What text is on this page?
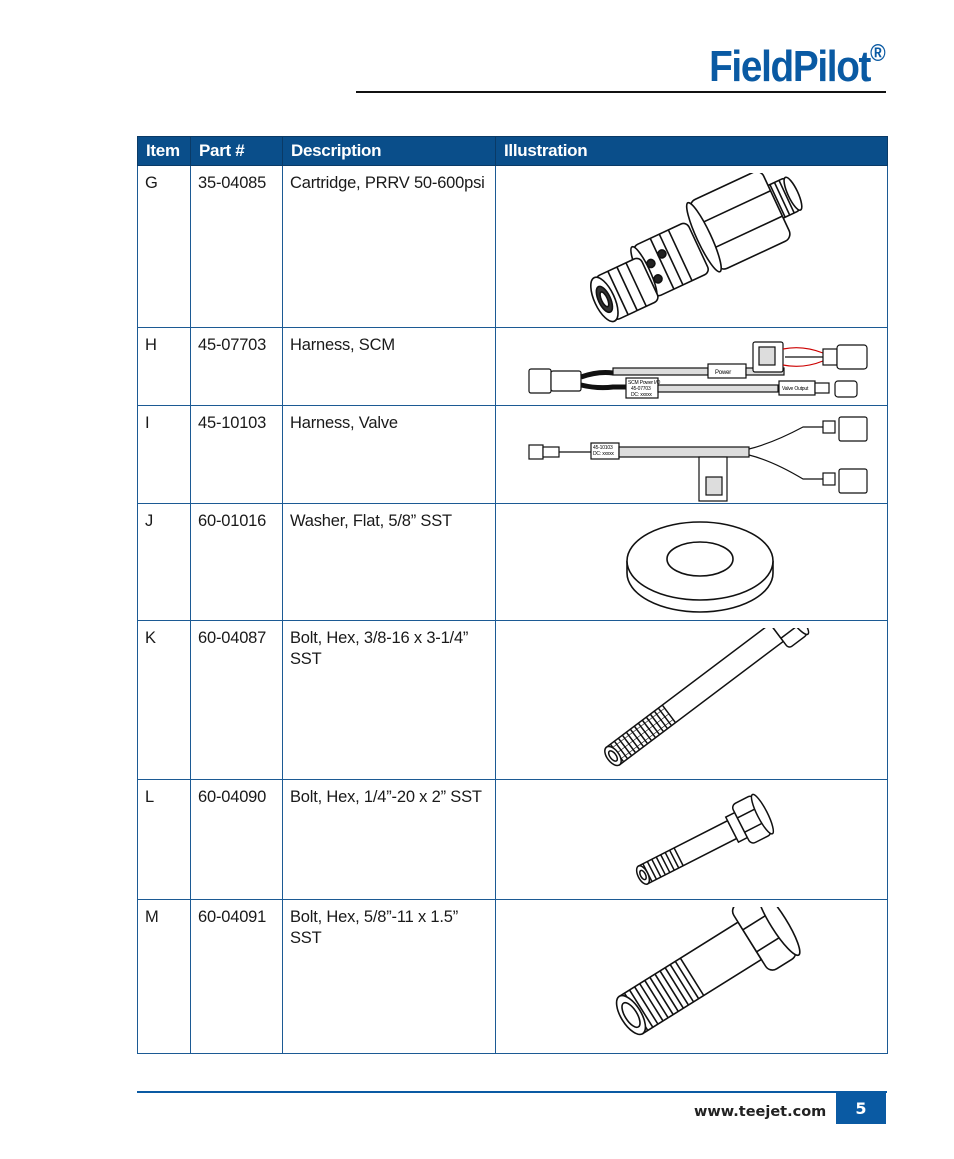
FieldPilot®
Item	Part #	Description	Illustration
G	35-04085	Cartridge, PRRV 50-600psi	

H	45-07703	Harness, SCM	Power
SCM Power I/O
45-07703
DC: xxxxx
Valve Output

I	45-10103	Harness, Valve	45-10103
DC: xxxxx

J	60-01016	Washer, Flat, 5/8” SST	

K	60-04087	Bolt, Hex, 3/8-16 x 3-1/4” SST	

L	60-04090	Bolt, Hex, 1/4”-20 x 2” SST	

M	60-04091	Bolt, Hex, 5/8”-11 x 1.5” SST	
www.teejet.com	5
